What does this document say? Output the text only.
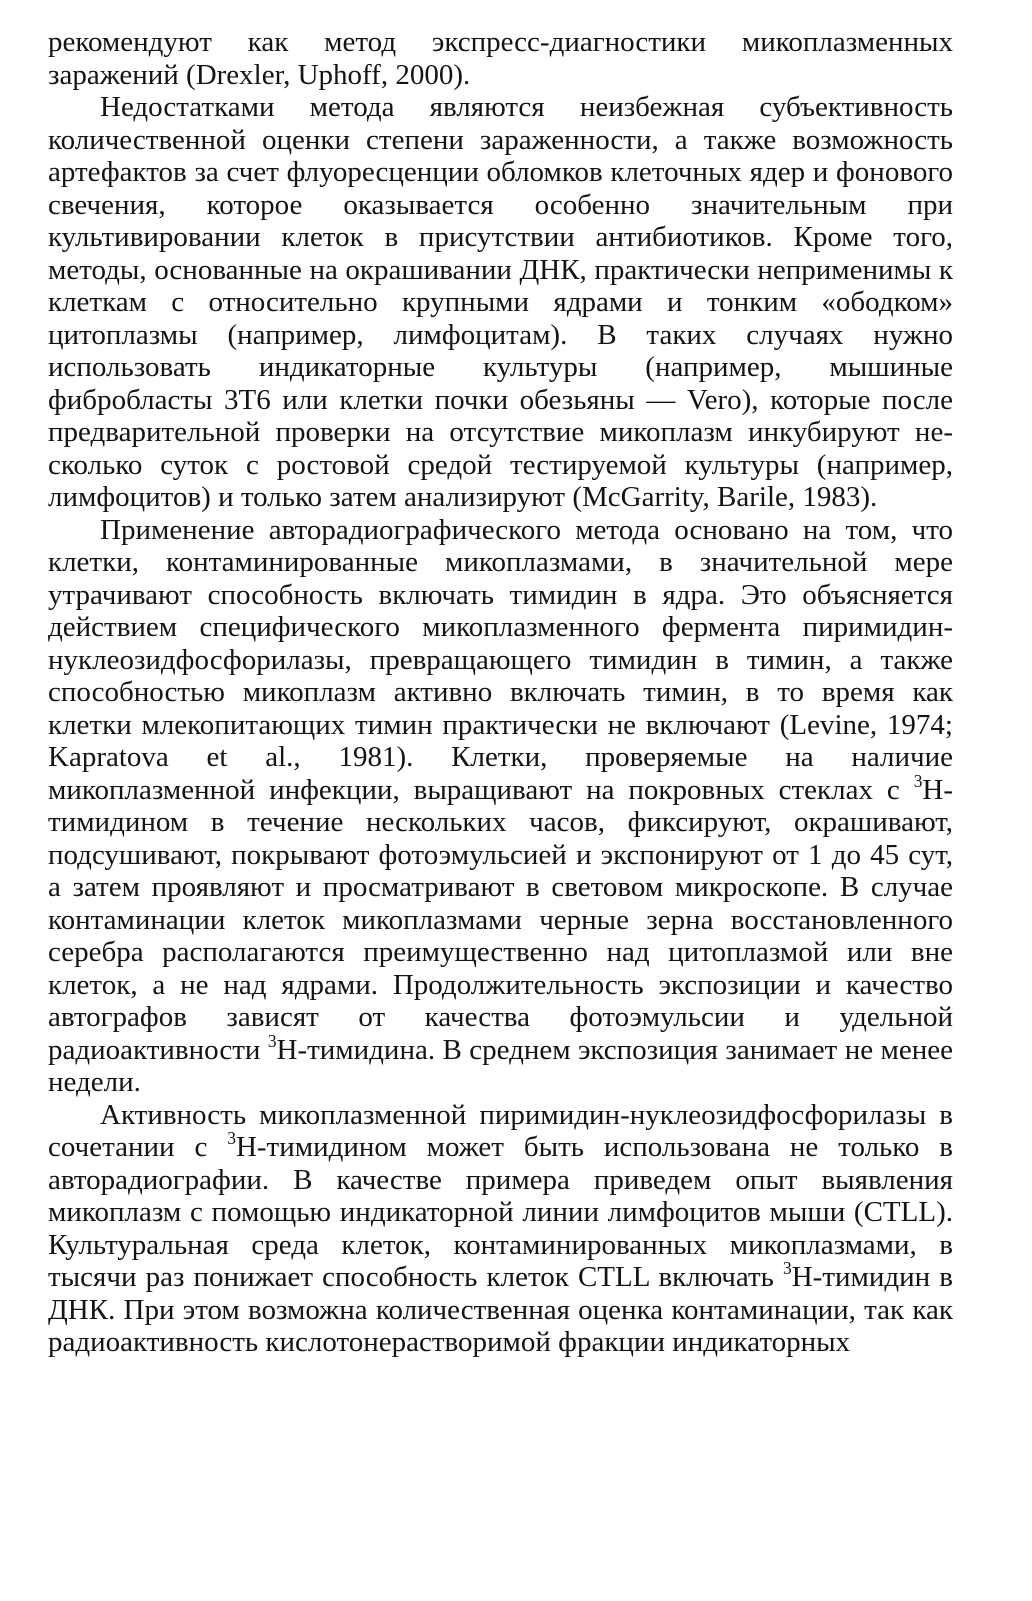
рекомендуют как метод экспресс-диагностики микоплазменных заражений (Drexler, Uphoff, 2000).

Недостатками метода являются неизбежная субъективность количественной оценки степени зараженности, а также возможность артефактов за счет флуоресценции обломков клеточных ядер и фонового свечения, которое оказывается особенно значительным при культивировании клеток в присутствии антибиотиков. Кроме того, методы, основанные на окрашивании ДНК, практически неприменимы к клеткам с относительно крупными ядрами и тонким «ободком» цитоплазмы (например, лимфоцитам). В таких случаях нужно использовать индикаторные культуры (например, мышиные фибробласты 3T6 или клетки почки обезьяны — Vero), которые после предварительной проверки на отсутствие микоплазм инкубируют несколько суток с ростовой средой тестируемой культуры (например, лимфоцитов) и только затем анализируют (McGarrity, Barile, 1983).

Применение авторадиографического метода основано на том, что клетки, контаминированные микоплазмами, в значительной мере утрачивают способность включать тимидин в ядра. Это объясняется действием специфического микоплазменного фермента пиримидин-нуклеозидфосфорилазы, превращающего тимидин в тимин, а также способностью микоплазм активно включать тимин, в то время как клетки млекопитающих тимин практически не включают (Levine, 1974; Kapratova et al., 1981). Клетки, проверяемые на наличие микоплазменной инфекции, выращивают на покровных стеклах с $^3$H-тимидином в течение нескольких часов, фиксируют, окрашивают, подсушивают, покрывают фотоэмульсией и экспонируют от 1 до 45 сут, а затем проявляют и просматривают в световом микроскопе. В случае контаминации клеток микоплазмами черные зерна восстановленного серебра располагаются преимущественно над цитоплазмой или вне клеток, а не над ядрами. Продолжительность экспозиции и качество автографов зависят от качества фотоэмульсии и удельной радиоактивности $^3$H-тимидина. В среднем экспозиция занимает не менее недели.

Активность микоплазменной пиримидин-нуклеозидфосфорилазы в сочетании с $^3$H-тимидином может быть использована не только в авторадиографии. В качестве примера приведем опыт выявления микоплазм с помощью индикаторной линии лимфоцитов мыши (CTLL). Культуральная среда клеток, контаминированных микоплазмами, в тысячи раз понижает способность клеток CTLL включать $^3$H-тимидин в ДНК. При этом возможна количественная оценка контаминации, так как радиоактивность кислотонерастворимой фракции индикаторных
